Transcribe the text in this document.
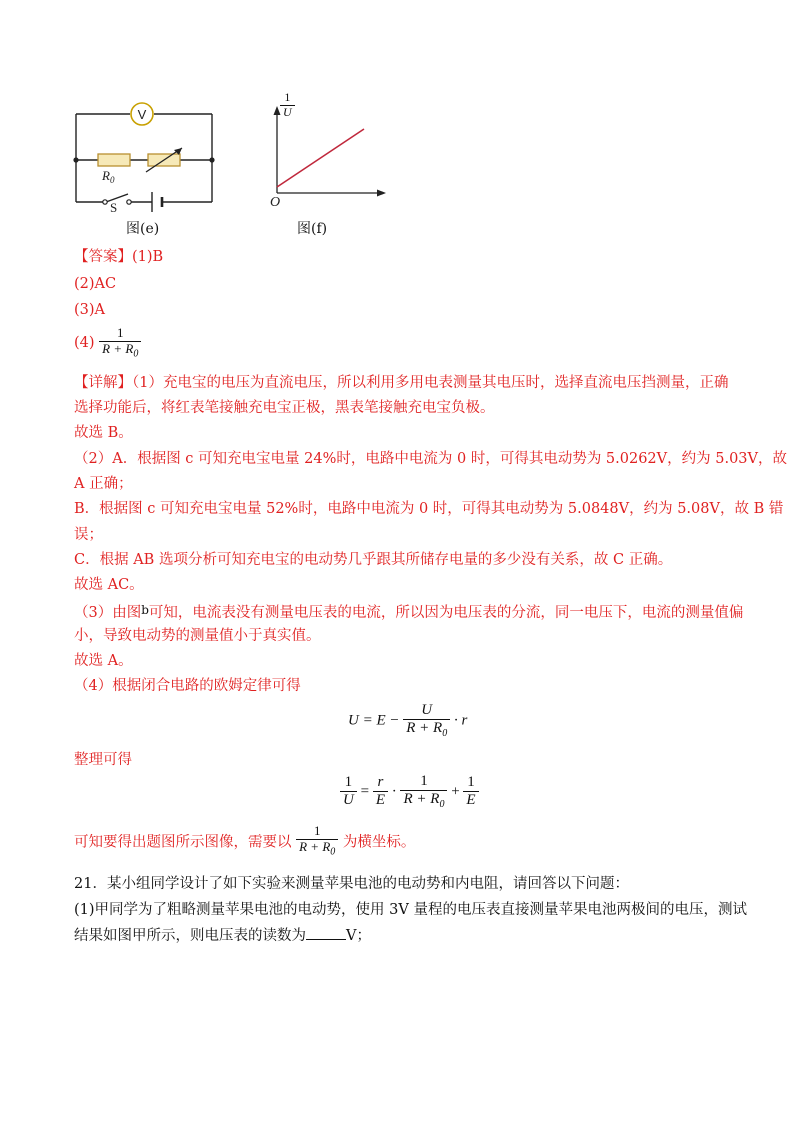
V
$R_0$
S
图(e)
O
$\frac{1}{U}$
图(f)
【答案】(1)B
(2)AC
(3)A
$(4) \frac{1}{R + R_0}$
【详解】（1）充电宝的电压为直流电压，所以利用多用电表测量其电压时，选择直流电压挡测量，正确
选择功能后，将红表笔接触充电宝正极，黑表笔接触充电宝负极。
故选 B。
（2）A．根据图 c 可知充电宝电量 24%时，电路中电流为 0 时，可得其电动势为 5.0262V，约为 5.03V，故
A 正确；
B．根据图 c 可知充电宝电量 52%时，电路中电流为 0 时，可得其电动势为 5.0848V，约为 5.08V，故 B 错
误；
C．根据 AB 选项分析可知充电宝的电动势几乎跟其所储存电量的多少没有关系，故 C 正确。
故选 AC。
（3）由图$^b$可知，电流表没有测量电压表的电流，所以因为电压表的分流，同一电压下，电流的测量值偏
小，导致电动势的测量值小于真实值。
故选 A。
（4）根据闭合电路的欧姆定律可得
$U = E - \frac{U}{R + R_0} \cdot r$
整理可得
$\frac{1}{U} = \frac{r}{E} \cdot \frac{1}{R + R_0} + \frac{1}{E}$
可知要得出题图所示图像，需要以 $\frac{1}{R + R_0}$ 为横坐标。
21．某小组同学设计了如下实验来测量苹果电池的电动势和内电阻，请回答以下问题：
(1)甲同学为了粗略测量苹果电池的电动势，使用 3V 量程的电压表直接测量苹果电池两极间的电压，测试
结果如图甲所示，则电压表的读数为	V；
